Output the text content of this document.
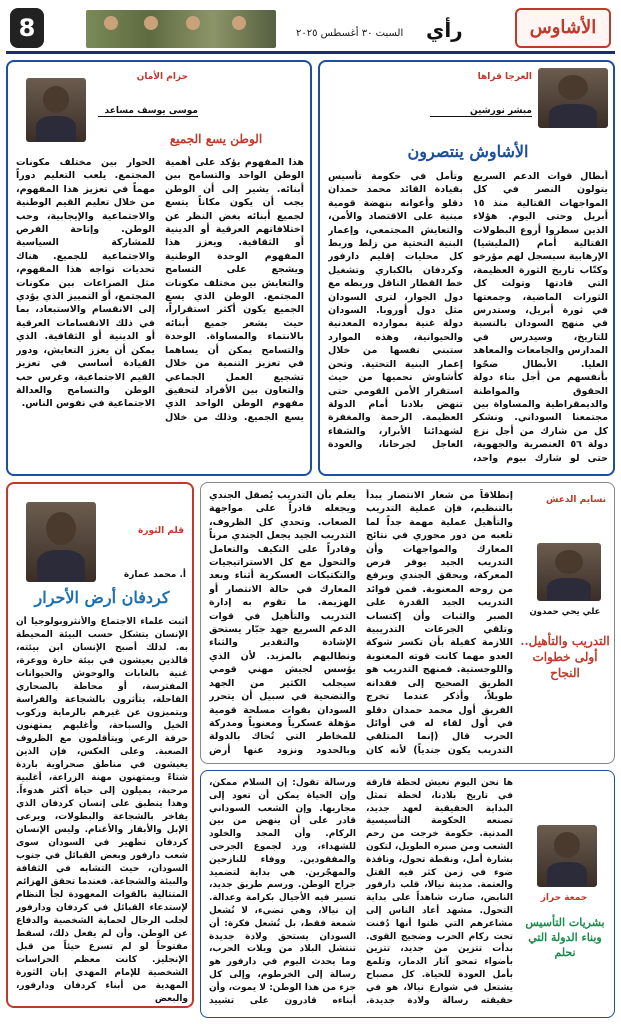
8	السبت ٣٠ أغسطس ٢٠٢٥ رأي	الأشاوس
العرجا قراها
مبشر نورشين
الأشاوش ينتصرون
أبطال قوات الدعم السريع يتولون النصر في كل المواجهات القتالية منذ ١٥ أبريل وحتى اليوم. هؤلاء الذين سطروا أروع البطولات القتالية أمام (المليشيا) الإرهابية سيسجل لهم مؤرخو وكتّاب تاريخ الثورة العظيمة، التي قادتها وتولت كل الثورات الماضية، وجمعتها في ثورة أبريل، وستدرس في منهج السودان بالنسبة للتاريخ، وسيدرس في المدارس والجامعات والمعاهد العليا. الأبطال ضحّوا بأنفسهم من أجل بناء دولة الحقوق والمواطنة والديمقراطية والمساواة بين مجتمعنا السوداني. ونشكر كل من شارك من أجل نزع دولة ٥٦ العنصرية والجهوية، حتى لو شارك بيوم واحد، وتأمل في حكومة تأسيس بقيادة القائد محمد حمدان دقلو وأعوانه بنهضة قومية مبنية على الاقتصاد والأمن، والتعايش المجتمعي، وإعمار البنية التحتية من زلط وربط كل محليات إقليم دارفور وكردفان بالكباري وتشغيل خط القطار الناقل وربطه مع دول الجوار، لترى السودان مثل دول أوروبا. السودان دولة غنية بموارده المعدنية والحيوانية، وهذه الموارد ستبني نفسها من خلال إعمار البنية التحتية. وتحن كأشاوش نحميها من حيث استقرار الأمن القومي حتى تنهض بلادنا أمام الدولة العظيمة. الرحمة والمغفرة لشهدائنا الأبرار، والشفاء العاجل لجرحانا، والعودة
حزام الأمان
موسى يوسف مساعد
الوطن يسع الجميع
هذا المفهوم يؤكد على أهمية الوطن الواحد والتسامح بين أبنائه. يشير إلى أن الوطن يجب أن يكون مكاناً يتسع لجميع أبنائه بغض النظر عن اختلافاتهم العرقية أو الدينية أو الثقافية. ويعزز هذا المفهوم الوحدة الوطنية ويشجع على التسامح والتعايش بين مختلف مكونات المجتمع. الوطن الذي يسع الجميع يكون أكثر استقراراً، حيث يشعر جميع أبنائه بالانتماء والمساواة. الوحدة والتسامح يمكن أن يساهما في تعزيز التنمية من خلال تشجيع العمل الجماعي والتعاون بين الأفراد لتحقيق مفهوم الوطن الواحد الذي يسع الجميع. وذلك من خلال الحوار بين مختلف مكونات المجتمع. يلعب التعليم دوراً مهماً في تعزيز هذا المفهوم، من خلال تعليم القيم الوطنية والاجتماعية والإيجابية، وحب الوطن. وإتاحة الفرص للمشاركة السياسية والاجتماعية للجميع. هناك تحديات تواجه هذا المفهوم، مثل الصراعات بين مكونات المجتمع، أو التمييز الذي يؤدي إلى الانقسام والاستبعاد، بما في ذلك الانقسامات العرقية أو الدينية أو الثقافية. الذي يمكن أن يعزز التعايش، ودور القيادة أساسي في تعزيز القيم الاجتماعية، وغرس حب الوطن والتسامح والعدالة الاجتماعية في نفوس الناس.
نسايم الدعش
علي يحي حمدون
التدريب والتأهيل.. أولى خطوات النجاح
إنطلاقاً من شعار الانتصار يبدأ بالتنظيم، فإن عملية التدريب والتأهيل عملية مهمة جداً لما تلعبه من دور محوري في نتائج المعارك والمواجهات وأن التدريب الجيد يوفر فرص المعركة، ويحقق الجندي ويرفع من روحه المعنوية. فمن فوائد التدريب الجيد القدرة على الصبر والثبات وأن إكتساب وتلقي الجرعات التدريبية اللازمة كفيلة بأن تكسر شوكة العدو مهما كانت قوته المعنوية واللوجستية. فمنهج التدريب هو الطريق الصحيح إلى فقدانه طويلاً، وأذكر عندما تخرج الفريق أول محمد حمدان دقلو في أول لقاء له في أوائل الحرب قال (إنما المتلقي التدريب يكون جندياً) لأنه كان يعلم بأن التدريب يُصقل الجندي ويجعله قادراً على مواجهة الصعاب. وتحدي كل الظروف، التدريب الجيد يجعل الجندي مرناً وقادراً على التكيف والتعامل والتحول مع كل الاستراتيجيات والتكتيكات العسكرية أثناء وبعد المعارك في حالة الانتصار أو الهزيمة. ما تقوم به إدارة التدريب والتأهيل في قوات الدعم السريع جهد جبّار يستحق الإشادة والتقدير والثناء ونطالبهم بالمزيد. لأن الذي يؤسس لجيش مهني قومي سيجلب الكثير من الجهد والتضحية في سبيل أن يتحرر السودان بقوات مسلحة قومية مؤهلة عسكرياً ومعنوياً ومدركة للمخاطر التي تُحاك بالدولة وبالحدود ونزود عنها أرض
قلم الثورة
أ. محمد عمارة
كردفان أرض الأحرار
أثبت علماء الاجتماع والأنثروبولوجيا أن الإنسان يتشكل حسب البيئة المحيطة به. لذلك أصبح الإنسان ابن بيئته، قالذين يعيشون في بيئة حارة ووعرة، غنية بالغابات والوحوش والحيوانات المفترسة، أو محاطة بالصحاري القاحلة، يتأثرون بالشجاعة والفراسة ويتميزون عن غيرهم بالرماية وركوب الخيل والسباحة، وأغلبهم يمتهنون حرفة الرعي ويتأقلمون مع الظروف الصعبة. وعلى العكس، فإن الذين يعيشون في مناطق صحراوية باردة شتاءً ويمتهنون مهنة الزراعة، أغلبية مرحبة، يميلون إلى حياة أكثر هدوءاً. وهذا ينطبق على إنسان كردفان الذي يفاخر بالشجاعة والبطولات، ويرعى الإبل والأبقار والأغنام. وليس الإنسان كردفان تظهير في السودان سوى شعب دارفور وبعض القبائل في جنوب السودان، حيث التشابه في الثقافة والبيئة والشجاعة. فعندما تحقق الهزائم المتتالية بالقوات المعهودة لجأ النظام لإستدعاء القبائل في كردفان ودارفور لجلب الرجال لحماية الشخصية والدفاع عن الوطن. وأن لم يفعل ذلك، لسقط مفتوحاً لو لم تسرع حيئاً من قبل الإنجليز. كانت معظم الحراسات الشخصية للإمام المهدي إبان الثورة المهدية من أبناء كردفان ودارفور، والبعض
جمعة حراز
بشريات التأسيس وبناء الدولة التي نحلم
ها نحن اليوم نعيش لحظة فارقة في تاريخ بلادنا، لحظة تمثل البداية الحقيقية لعهد جديد، تصنعه الحكومة التأسيسية المدنية. حكومة خرجت من رحم الشعب ومن صبره الطويل، لتكون بشارة أمل، ونقطة تحول، ونافذة ضوء في زمن كثر فيه القتل والعتمة. مدينة نيالا، قلب دارفور النابض، صارت شاهداً على بداية التحول. مشهد أعاد الناس إلى مشاعرهم التي ظنوا أنها دُفنت تحت ركام الحرب وضجيج القوى. بدأت تتزين من جديد، تتزين بأضواء تمحو آثار الدمار، وتلمع بأمل العودة للحياة. كل مصباح يشتعل في شوارع نيالا، هو في حقيقته رسالة ولادة جديدة. ورسالة تقول: إن السلام ممكن، وإن الحياة يمكن أن تعود إلى مجاريها. وإن الشعب السوداني قادر على أن ينهض من بين الركام. وأن المجد والخلود للشهداء، ورد لجموع الجرحى والمفقودين. ووفاء للنازحين والمهجّرين. هي بداية لتضميد جراح الوطن. ورسم طريق جديد، تسير فيه الأجيال بكرامة وعدالة. إن نيالا، وهي تضيء، لا تُشعل شمعة فقط، بل تُشعل فكرة: أن السودان يستحق ولادة جديدة تنتشل البلاد من ويلات الحرب، وما يحدث اليوم في دارفور هو رسالة إلى الخرطوم، وإلى كل جزء من هذا الوطن: لا يموت، وأن أبناءه قادرون على تشييد
